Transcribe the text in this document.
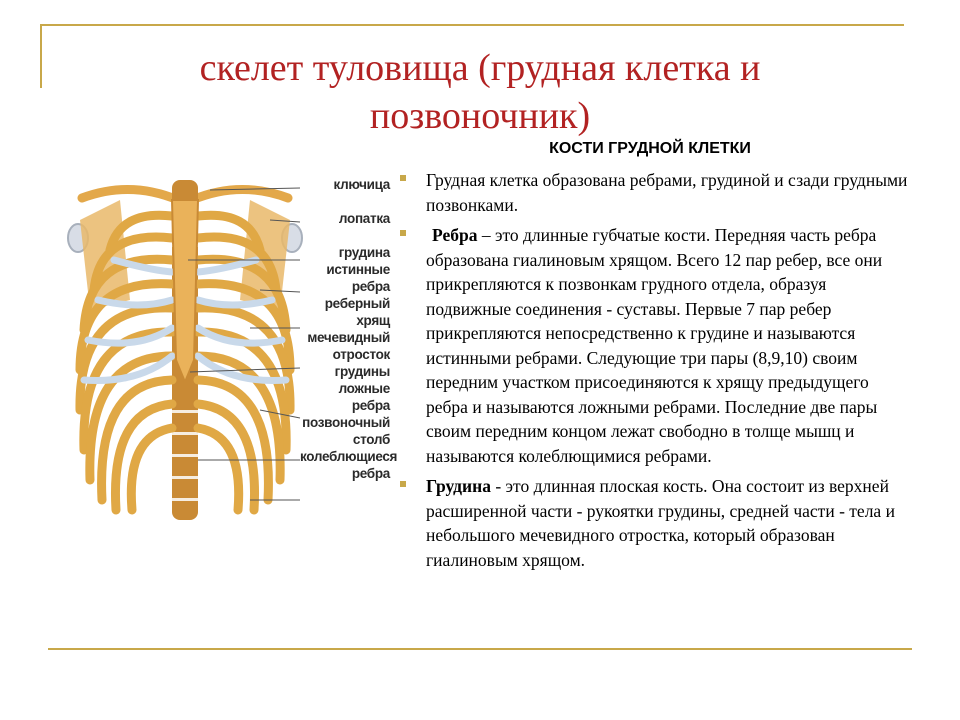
скелет туловища (грудная клетка и
позвоночник)
КОСТИ ГРУДНОЙ КЛЕТКИ
ключица
лопатка
грудина
истинные
ребра
реберный
хрящ
мечевидный
отросток
грудины
ложные
ребра
позвоночный
столб
колеблющиеся
ребра
Грудная клетка образована ребрами, грудиной и сзади грудными позвонками.
Ребра – это длинные губчатые кости. Передняя часть ребра образована гиалиновым хрящом. Всего 12 пар ребер, все они прикрепляются к позвонкам грудного отдела, образуя подвижные соединения - суставы. Первые 7 пар ребер прикрепляются непосредственно к грудине и называются истинными ребрами. Следующие три пары (8,9,10) своим передним участком присоединяются к хрящу предыдущего ребра и называются ложными ребрами. Последние две пары своим передним концом лежат свободно в толще мышц и называются колеблющимися ребрами.
Грудина - это длинная плоская кость. Она состоит из верхней расширенной части - рукоятки грудины, средней части - тела и небольшого мечевидного отростка, который образован гиалиновым хрящом.
